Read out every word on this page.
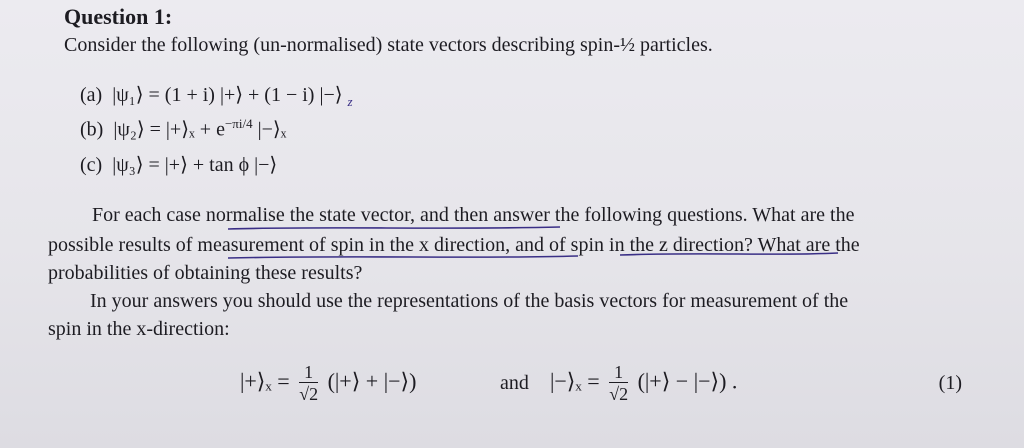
Question 1:
Consider the following (un-normalised) state vectors describing spin-½ particles.
(a) |ψ₁⟩ = (1 + i) |+⟩ + (1 − i) |−⟩ $_z$
(b) |ψ₂⟩ = |+⟩ₓ + $e^{-\pi i/4}$ |−⟩ₓ
(c) |ψ₃⟩ = |+⟩ + tan ϕ |−⟩
For each case normalise the state vector, and then answer the following questions. What are the
possible results of measurement of spin in the x direction, and of spin in the z direction? What are the
probabilities of obtaining these results?
In your answers you should use the representations of the basis vectors for measurement of the
spin in the x-direction:
|+⟩ₓ = $\frac{1}{√2}$ (|+⟩ + |−⟩)	and |−⟩ₓ = $\frac{1}{√2}$ (|+⟩ − |−⟩) .	(1)
